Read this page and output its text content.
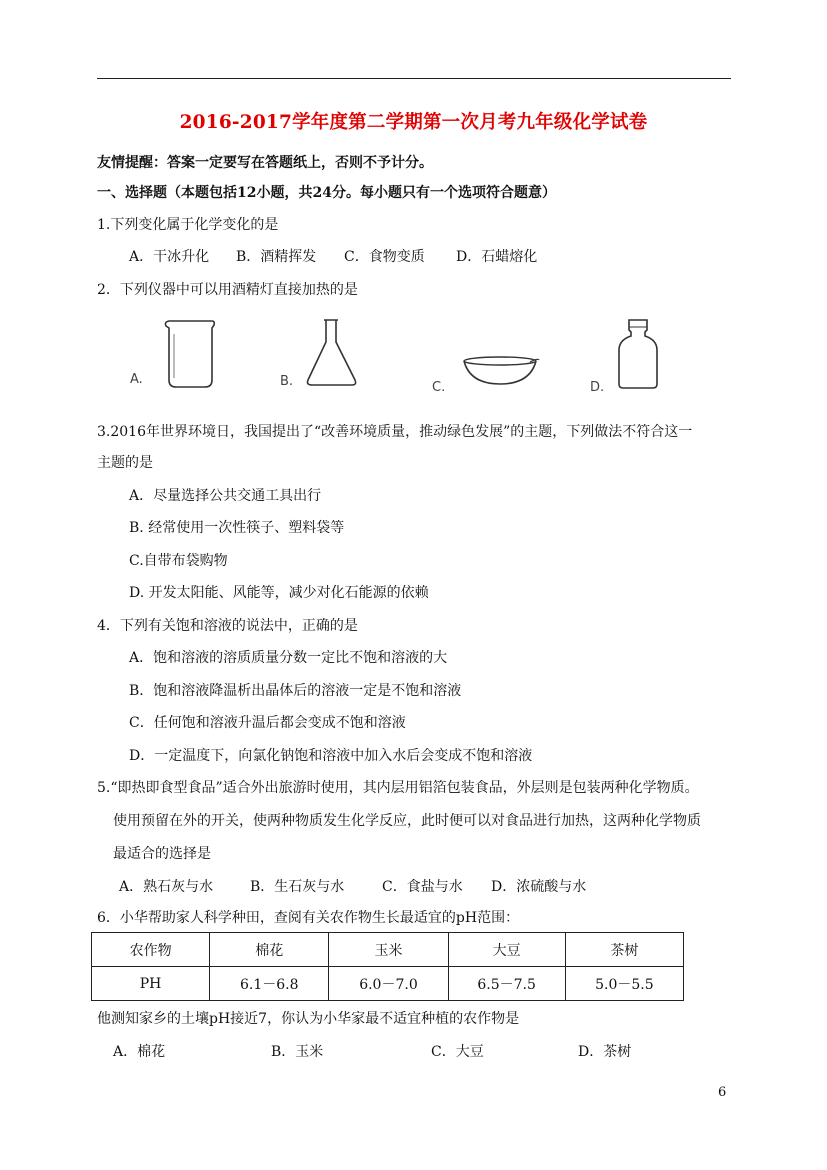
2016-2017学年度第二学期第一次月考九年级化学试卷
友情提醒：答案一定要写在答题纸上，否则不予计分。
一、选择题（本题包括12小题，共24分。每小题只有一个选项符合题意）
1.下列变化属于化学变化的是
A．干冰升化 B．酒精挥发 C．食物变质 D．石蜡熔化
2．下列仪器中可以用酒精灯直接加热的是
A.	B.	C.	D.
3.2016年世界环境日，我国提出了“改善环境质量，推动绿色发展”的主题，下列做法不符合这一
主题的是
A．尽量选择公共交通工具出行
B. 经常使用一次性筷子、塑料袋等
C.自带布袋购物
D. 开发太阳能、风能等，减少对化石能源的依赖
4．下列有关饱和溶液的说法中，正确的是
A．饱和溶液的溶质质量分数一定比不饱和溶液的大
B．饱和溶液降温析出晶体后的溶液一定是不饱和溶液
C．任何饱和溶液升温后都会变成不饱和溶液
D．一定温度下，向氯化钠饱和溶液中加入水后会变成不饱和溶液
5.“即热即食型食品”适合外出旅游时使用，其内层用铝箔包装食品，外层则是包装两种化学物质。
使用预留在外的开关，使两种物质发生化学反应，此时便可以对食品进行加热，这两种化学物质
最适合的选择是
A．熟石灰与水	B．生石灰与水	C．食盐与水 D．浓硫酸与水
6．小华帮助家人科学种田，查阅有关农作物生长最适宜的pH范围：
农作物	棉花	玉米	大豆	茶树
PH	6.1－6.8	6.0－7.0	6.5－7.5	5.0－5.5
他测知家乡的土壤pH接近7，你认为小华家最不适宜种植的农作物是
A．棉花	B．玉米	C．大豆	D．茶树
6
